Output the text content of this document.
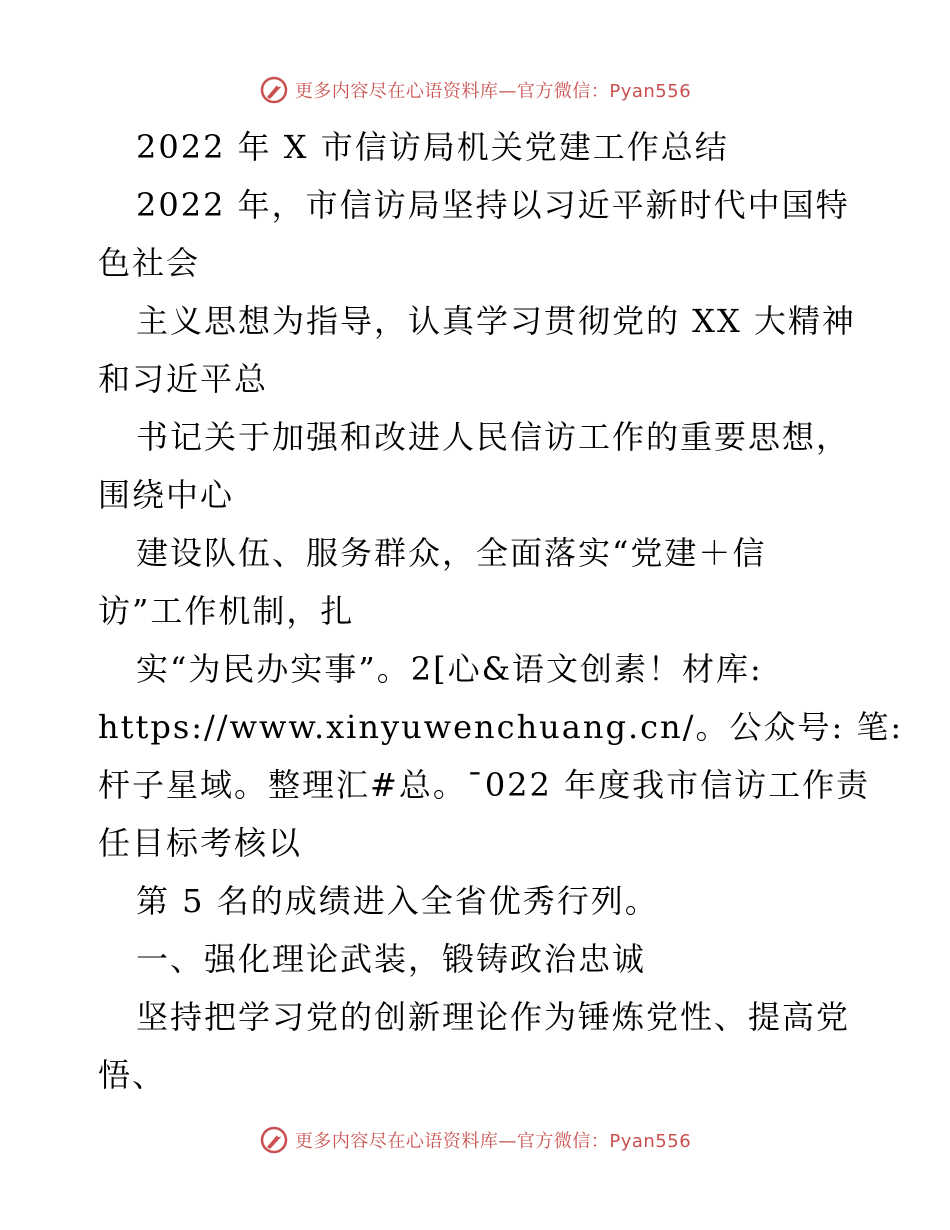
更多内容尽在心语资料库—官方微信：Pyan556
2022 年 X 市信访局机关党建工作总结
2022 年，市信访局坚持以习近平新时代中国特
色社会
主义思想为指导，认真学习贯彻党的 XX 大精神
和习近平总
书记关于加强和改进人民信访工作的重要思想，
围绕中心
建设队伍、服务群众，全面落实“党建＋信
访”工作机制，扎
实“为民办实事”。2[心&语文创素！材库:
https://www.xinyuwenchuang.cn/。公众号: 笔:
杆子星域。整理汇#总。¯022 年度我市信访工作责
任目标考核以
第 5 名的成绩进入全省优秀行列。
一、强化理论武装，锻铸政治忠诚
坚持把学习党的创新理论作为锤炼党性、提高党
悟、
更多内容尽在心语资料库—官方微信：Pyan556
